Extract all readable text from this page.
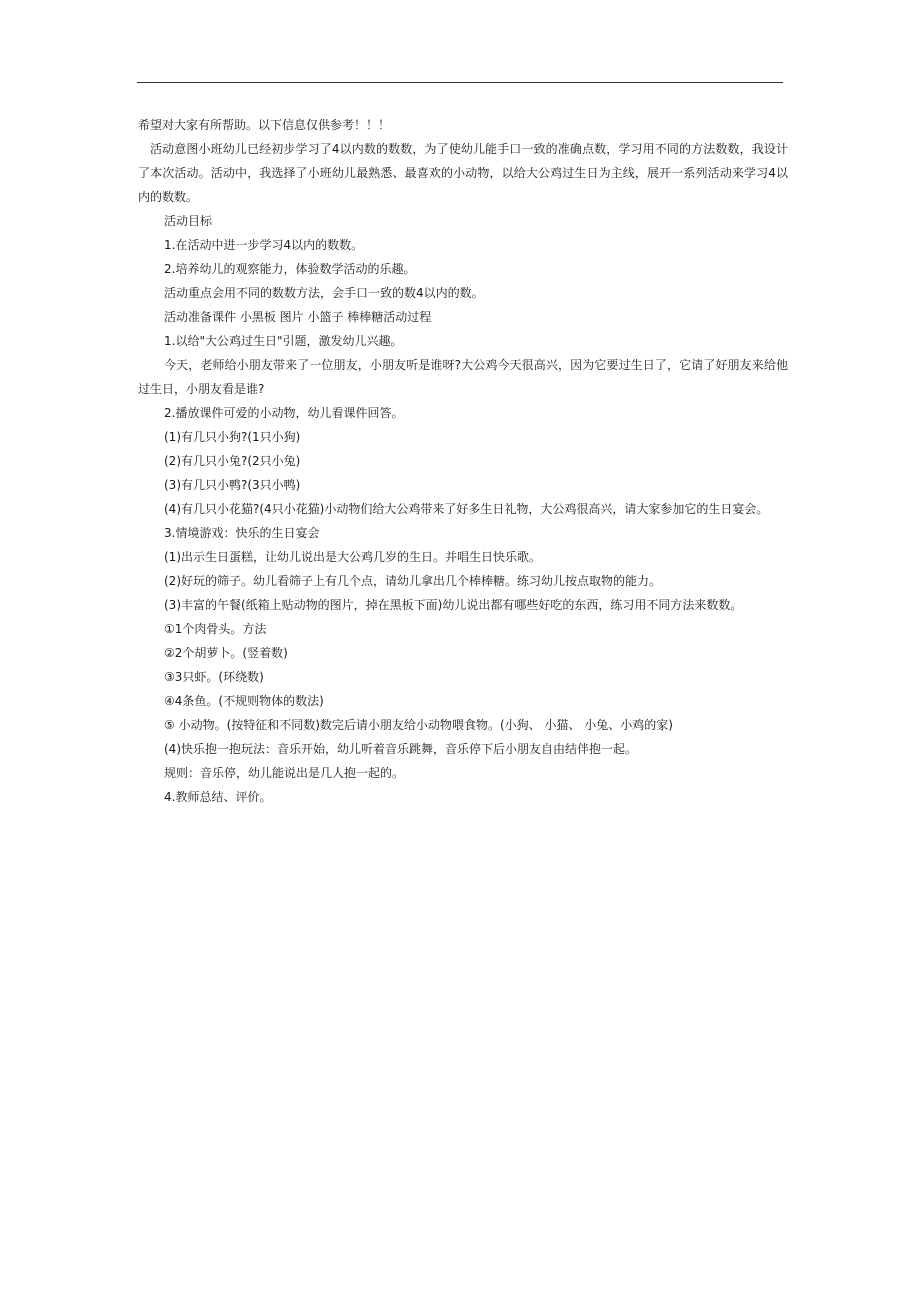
希望对大家有所帮助。以下信息仅供参考！！！

活动意图小班幼儿已经初步学习了4以内数的数数，为了使幼儿能手口一致的准确点数，学习用不同的方法数数，我设计了本次活动。活动中，我选择了小班幼儿最熟悉、最喜欢的小动物，以给大公鸡过生日为主线，展开一系列活动来学习4以内的数数。

活动目标

1.在活动中进一步学习4以内的数数。

2.培养幼儿的观察能力，体验数学活动的乐趣。

活动重点会用不同的数数方法，会手口一致的数4以内的数。

活动准备课件 小黑板 图片 小篮子 棒棒糖活动过程

1.以给"大公鸡过生日"引题，激发幼儿兴趣。

今天，老师给小朋友带来了一位朋友，小朋友听是谁呀?大公鸡今天很高兴，因为它要过生日了，它请了好朋友来给他过生日，小朋友看是谁?

2.播放课件可爱的小动物，幼儿看课件回答。

(1)有几只小狗?(1只小狗)

(2)有几只小兔?(2只小兔)

(3)有几只小鸭?(3只小鸭)

(4)有几只小花猫?(4只小花猫)小动物们给大公鸡带来了好多生日礼物，大公鸡很高兴，请大家参加它的生日宴会。

3.情境游戏：快乐的生日宴会

(1)出示生日蛋糕，让幼儿说出是大公鸡几岁的生日。并唱生日快乐歌。

(2)好玩的筛子。幼儿看筛子上有几个点，请幼儿拿出几个棒棒糖。练习幼儿按点取物的能力。

(3)丰富的午餐(纸箱上贴动物的图片，掉在黑板下面)幼儿说出都有哪些好吃的东西，练习用不同方法来数数。

①1个肉骨头。方法

②2个胡萝卜。(竖着数)

③3只虾。(环绕数)

④4条鱼。(不规则物体的数法)

⑤ 小动物。(按特征和不同数)数完后请小朋友给小动物喂食物。(小狗、 小猫、 小兔、小鸡的家)

(4)快乐抱一抱玩法：音乐开始，幼儿听着音乐跳舞，音乐停下后小朋友自由结伴抱一起。

规则：音乐停，幼儿能说出是几人抱一起的。

4.教师总结、评价。
